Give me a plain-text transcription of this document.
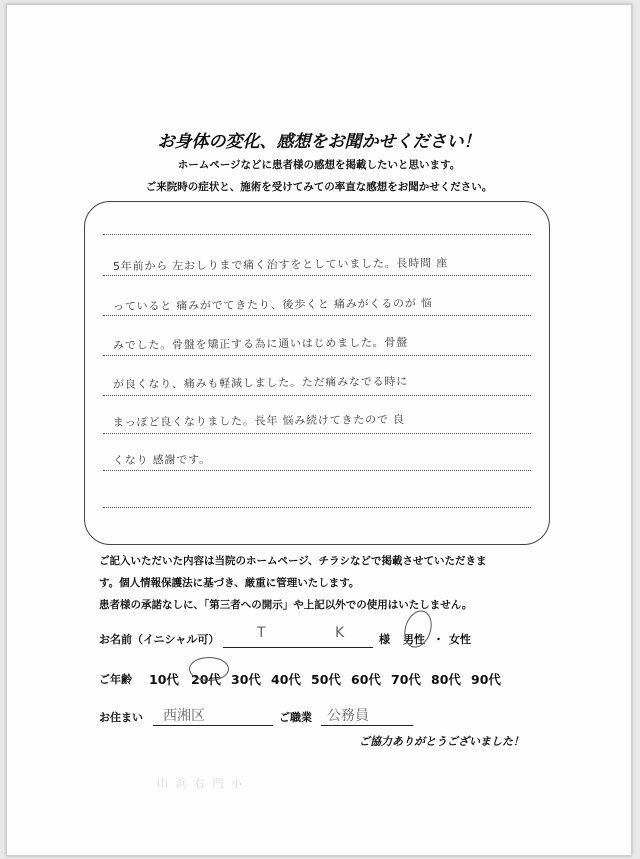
お身体の変化、感想をお聞かせください！
ホームページなどに患者様の感想を掲載したいと思います。
ご来院時の症状と、施術を受けてみての率直な感想をお聞かせください。
5年前から 左おしりまで痛く治すをとしていました。長時間 座
っていると 痛みがでてきたり、後歩くと 痛みがくるのが 悩
みでした。骨盤を矯正する為に通いはじめました。骨盤
が良くなり、痛みも軽減しました。ただ痛みなでる時に
まっぽど良くなりました。長年 悩み続けてきたので 良
くなり 感謝です。
ご記入いただいた内容は当院のホームページ、チラシなどで掲載させていただきま
す。個人情報保護法に基づき、厳重に管理いたします。
患者様の承諾なしに、「第三者への開示」や上記以外での使用はいたしません。
お名前（イニシャル可）	T	K	様 男性 ・ 女性
ご年齢 10代 20代 30代 40代 50代 60代 70代 80代 90代
お住まい 西湘区	ご職業 公務員
ご協力ありがとうございました！
山 浜 右 門 小
